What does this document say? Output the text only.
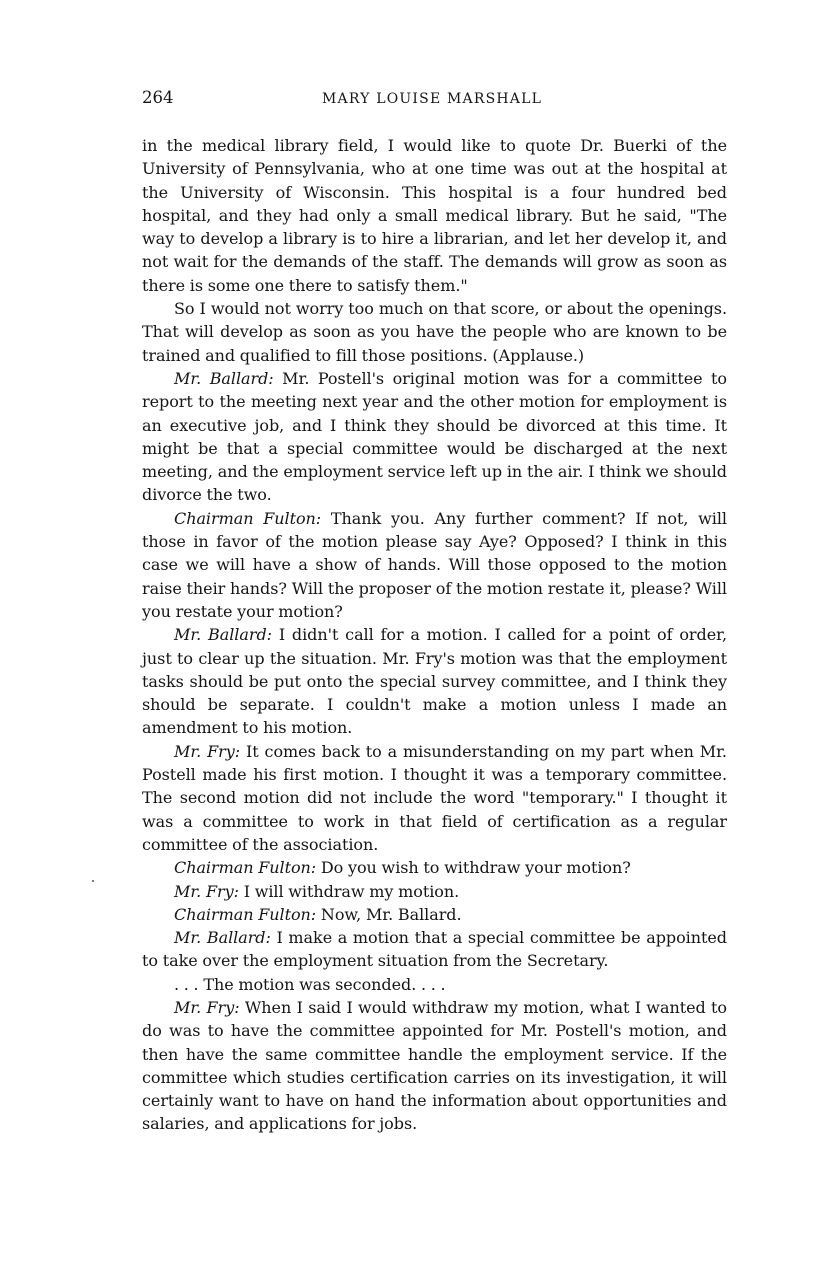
264	MARY LOUISE MARSHALL

in the medical library field, I would like to quote Dr. Buerki of the University of Pennsylvania, who at one time was out at the hospital at the University of Wisconsin. This hospital is a four hundred bed hospital, and they had only a small medical library. But he said, "The way to develop a library is to hire a librarian, and let her develop it, and not wait for the demands of the staff. The demands will grow as soon as there is some one there to satisfy them."

So I would not worry too much on that score, or about the openings. That will develop as soon as you have the people who are known to be trained and qualified to fill those positions. (Applause.)

Mr. Ballard: Mr. Postell's original motion was for a committee to report to the meeting next year and the other motion for employment is an executive job, and I think they should be divorced at this time. It might be that a special committee would be discharged at the next meeting, and the employment service left up in the air. I think we should divorce the two.

Chairman Fulton: Thank you. Any further comment? If not, will those in favor of the motion please say Aye? Opposed? I think in this case we will have a show of hands. Will those opposed to the motion raise their hands? Will the proposer of the motion restate it, please? Will you restate your motion?

Mr. Ballard: I didn't call for a motion. I called for a point of order, just to clear up the situation. Mr. Fry's motion was that the employment tasks should be put onto the special survey committee, and I think they should be separate. I couldn't make a motion unless I made an amendment to his motion.

Mr. Fry: It comes back to a misunderstanding on my part when Mr. Postell made his first motion. I thought it was a temporary committee. The second motion did not include the word "temporary." I thought it was a committee to work in that field of certification as a regular committee of the association.

Chairman Fulton: Do you wish to withdraw your motion?

Mr. Fry: I will withdraw my motion.

Chairman Fulton: Now, Mr. Ballard.

Mr. Ballard: I make a motion that a special committee be appointed to take over the employment situation from the Secretary.

. . . The motion was seconded. . . .

Mr. Fry: When I said I would withdraw my motion, what I wanted to do was to have the committee appointed for Mr. Postell's motion, and then have the same committee handle the employment service. If the committee which studies certification carries on its investigation, it will certainly want to have on hand the information about opportunities and salaries, and applications for jobs.
